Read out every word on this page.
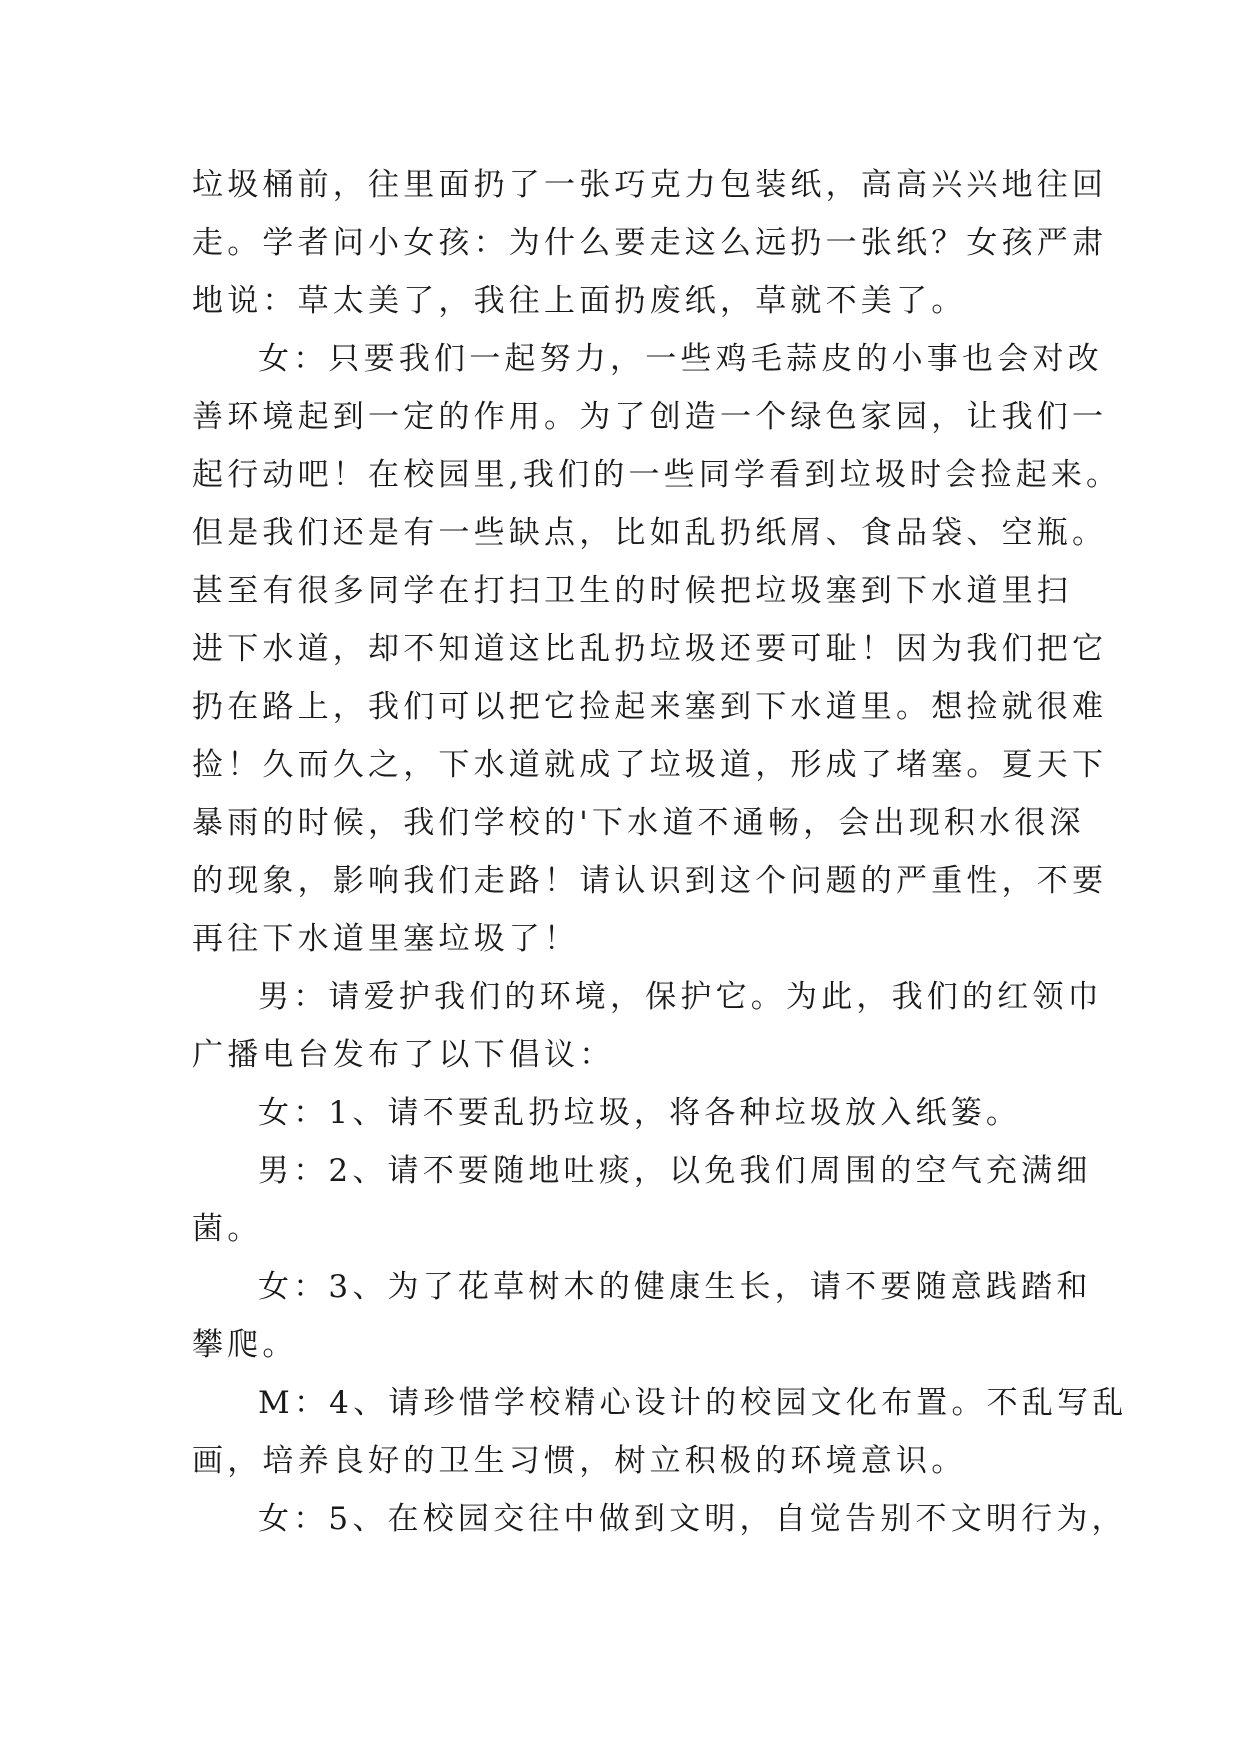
垃圾桶前，往里面扔了一张巧克力包装纸，高高兴兴地往回
走。学者问小女孩：为什么要走这么远扔一张纸？女孩严肃
地说：草太美了，我往上面扔废纸，草就不美了。
女：只要我们一起努力，一些鸡毛蒜皮的小事也会对改
善环境起到一定的作用。为了创造一个绿色家园，让我们一
起行动吧！在校园里,我们的一些同学看到垃圾时会捡起来。
但是我们还是有一些缺点，比如乱扔纸屑、食品袋、空瓶。
甚至有很多同学在打扫卫生的时候把垃圾塞到下水道里扫
进下水道，却不知道这比乱扔垃圾还要可耻！因为我们把它
扔在路上，我们可以把它捡起来塞到下水道里。想捡就很难
捡！久而久之，下水道就成了垃圾道，形成了堵塞。夏天下
暴雨的时候，我们学校的'下水道不通畅，会出现积水很深
的现象，影响我们走路！请认识到这个问题的严重性，不要
再往下水道里塞垃圾了！
男：请爱护我们的环境，保护它。为此，我们的红领巾
广播电台发布了以下倡议：
女：1、请不要乱扔垃圾，将各种垃圾放入纸篓。
男：2、请不要随地吐痰，以免我们周围的空气充满细
菌。
女：3、为了花草树木的健康生长，请不要随意践踏和
攀爬。
M：4、请珍惜学校精心设计的校园文化布置。不乱写乱
画，培养良好的卫生习惯，树立积极的环境意识。
女：5、在校园交往中做到文明，自觉告别不文明行为，
